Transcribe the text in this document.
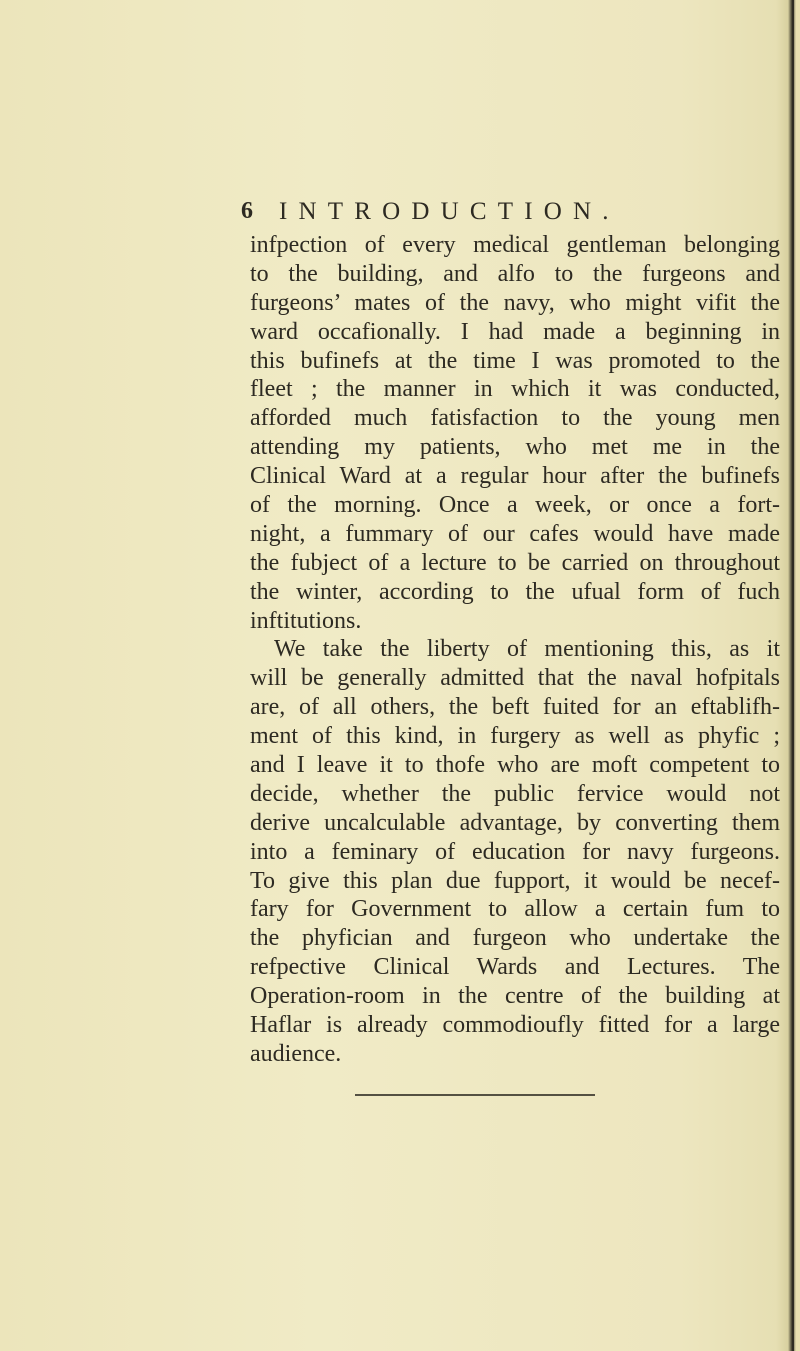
6 INTRODUCTION.
infpection of every medical gentleman belonging
to the building, and alfo to the furgeons and
furgeons’ mates of the navy, who might vifit the
ward occafionally. I had made a beginning in
this bufinefs at the time I was promoted to the
fleet ; the manner in which it was conducted,
afforded much fatisfaction to the young men
attending my patients, who met me in the
Clinical Ward at a regular hour after the bufinefs
of the morning. Once a week, or once a fort-
night, a fummary of our cafes would have made
the fubject of a lecture to be carried on throughout
the winter, according to the ufual form of fuch
inftitutions.
We take the liberty of mentioning this, as it
will be generally admitted that the naval hofpitals
are, of all others, the beft fuited for an eftablifh-
ment of this kind, in furgery as well as phyfic ;
and I leave it to thofe who are moft competent to
decide, whether the public fervice would not
derive uncalculable advantage, by converting them
into a feminary of education for navy furgeons.
To give this plan due fupport, it would be necef-
fary for Government to allow a certain fum to
the phyfician and furgeon who undertake the
refpective Clinical Wards and Lectures. The
Operation-room in the centre of the building at
Haflar is already commodioufly fitted for a large
audience.
